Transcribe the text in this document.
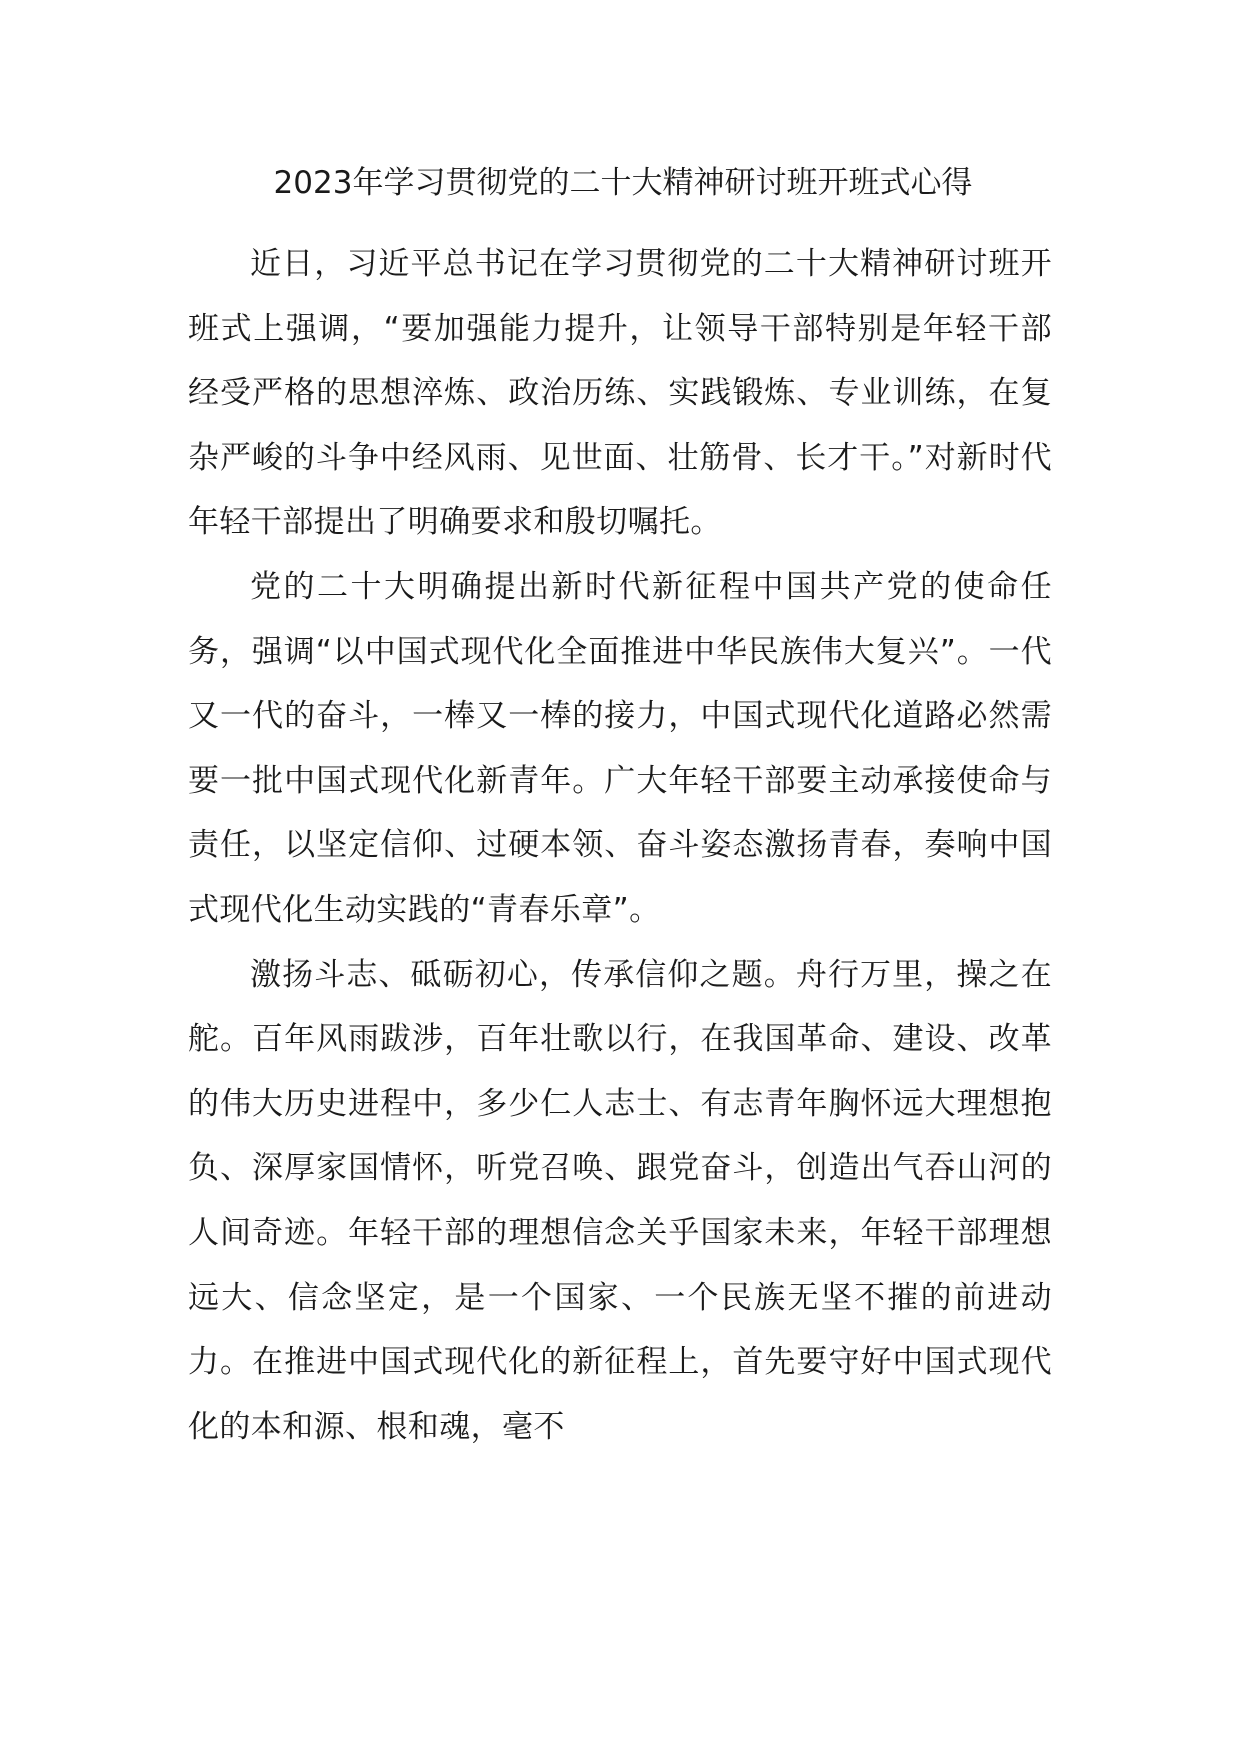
2023年学习贯彻党的二十大精神研讨班开班式心得

近日，习近平总书记在学习贯彻党的二十大精神研讨班开班式上强调，“要加强能力提升，让领导干部特别是年轻干部经受严格的思想淬炼、政治历练、实践锻炼、专业训练，在复杂严峻的斗争中经风雨、见世面、壮筋骨、长才干。”对新时代年轻干部提出了明确要求和殷切嘱托。

党的二十大明确提出新时代新征程中国共产党的使命任务，强调“以中国式现代化全面推进中华民族伟大复兴”。一代又一代的奋斗，一棒又一棒的接力，中国式现代化道路必然需要一批中国式现代化新青年。广大年轻干部要主动承接使命与责任，以坚定信仰、过硬本领、奋斗姿态激扬青春，奏响中国式现代化生动实践的“青春乐章”。

激扬斗志、砥砺初心，传承信仰之题。舟行万里，操之在舵。百年风雨跋涉，百年壮歌以行，在我国革命、建设、改革的伟大历史进程中，多少仁人志士、有志青年胸怀远大理想抱负、深厚家国情怀，听党召唤、跟党奋斗，创造出气吞山河的人间奇迹。年轻干部的理想信念关乎国家未来，年轻干部理想远大、信念坚定，是一个国家、一个民族无坚不摧的前进动力。在推进中国式现代化的新征程上，首先要守好中国式现代化的本和源、根和魂，毫不
